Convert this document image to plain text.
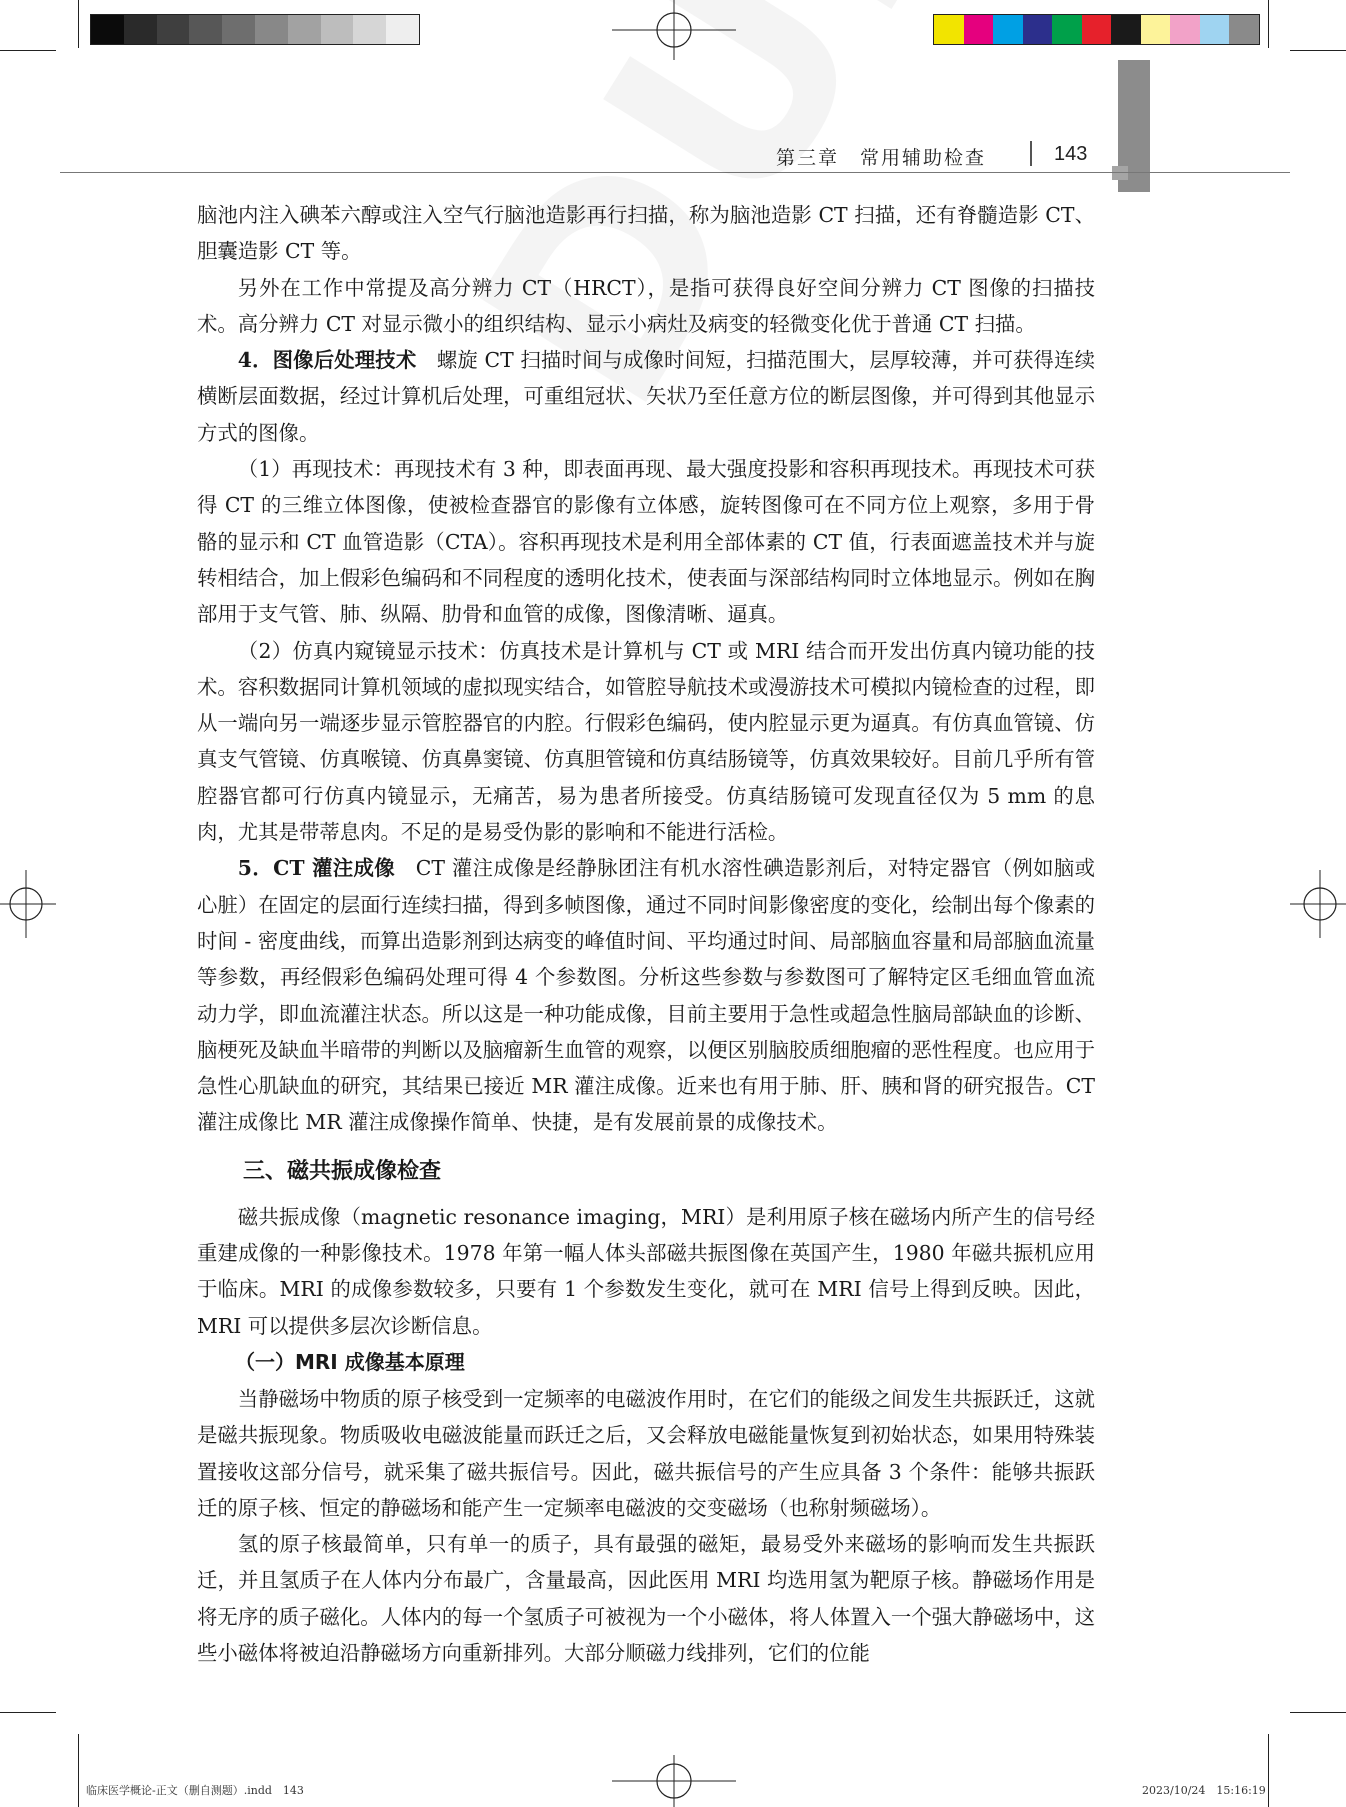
第三章　常用辅助检查	143

脑池内注入碘苯六醇或注入空气行脑池造影再行扫描，称为脑池造影 CT 扫描，还有脊髓造影 CT、胆囊造影 CT 等。

另外在工作中常提及高分辨力 CT（HRCT），是指可获得良好空间分辨力 CT 图像的扫描技术。高分辨力 CT 对显示微小的组织结构、显示小病灶及病变的轻微变化优于普通 CT 扫描。

4．图像后处理技术　 螺旋 CT 扫描时间与成像时间短，扫描范围大，层厚较薄，并可获得连续横断层面数据，经过计算机后处理，可重组冠状、矢状乃至任意方位的断层图像，并可得到其他显示方式的图像。

（1）再现技术：再现技术有 3 种，即表面再现、最大强度投影和容积再现技术。再现技术可获得 CT 的三维立体图像，使被检查器官的影像有立体感，旋转图像可在不同方位上观察，多用于骨骼的显示和 CT 血管造影（CTA）。容积再现技术是利用全部体素的 CT 值，行表面遮盖技术并与旋转相结合，加上假彩色编码和不同程度的透明化技术，使表面与深部结构同时立体地显示。例如在胸部用于支气管、肺、纵隔、肋骨和血管的成像，图像清晰、逼真。

（2）仿真内窥镜显示技术：仿真技术是计算机与 CT 或 MRI 结合而开发出仿真内镜功能的技术。容积数据同计算机领域的虚拟现实结合，如管腔导航技术或漫游技术可模拟内镜检查的过程，即从一端向另一端逐步显示管腔器官的内腔。行假彩色编码，使内腔显示更为逼真。有仿真血管镜、仿真支气管镜、仿真喉镜、仿真鼻窦镜、仿真胆管镜和仿真结肠镜等，仿真效果较好。目前几乎所有管腔器官都可行仿真内镜显示，无痛苦，易为患者所接受。仿真结肠镜可发现直径仅为 5 mm 的息肉，尤其是带蒂息肉。不足的是易受伪影的影响和不能进行活检。

5．CT 灌注成像　 CT 灌注成像是经静脉团注有机水溶性碘造影剂后，对特定器官（例如脑或心脏）在固定的层面行连续扫描，得到多帧图像，通过不同时间影像密度的变化，绘制出每个像素的时间 - 密度曲线，而算出造影剂到达病变的峰值时间、平均通过时间、局部脑血容量和局部脑血流量等参数，再经假彩色编码处理可得 4 个参数图。分析这些参数与参数图可了解特定区毛细血管血流动力学，即血流灌注状态。所以这是一种功能成像，目前主要用于急性或超急性脑局部缺血的诊断、脑梗死及缺血半暗带的判断以及脑瘤新生血管的观察，以便区别脑胶质细胞瘤的恶性程度。也应用于急性心肌缺血的研究，其结果已接近 MR 灌注成像。近来也有用于肺、肝、胰和肾的研究报告。CT 灌注成像比 MR 灌注成像操作简单、快捷，是有发展前景的成像技术。

三、磁共振成像检查

磁共振成像（magnetic resonance imaging，MRI）是利用原子核在磁场内所产生的信号经重建成像的一种影像技术。1978 年第一幅人体头部磁共振图像在英国产生，1980 年磁共振机应用于临床。MRI 的成像参数较多，只要有 1 个参数发生变化，就可在 MRI 信号上得到反映。因此，MRI 可以提供多层次诊断信息。

（一）MRI 成像基本原理

当静磁场中物质的原子核受到一定频率的电磁波作用时，在它们的能级之间发生共振跃迁，这就是磁共振现象。物质吸收电磁波能量而跃迁之后，又会释放电磁能量恢复到初始状态，如果用特殊装置接收这部分信号，就采集了磁共振信号。因此，磁共振信号的产生应具备 3 个条件：能够共振跃迁的原子核、恒定的静磁场和能产生一定频率电磁波的交变磁场（也称射频磁场）。

氢的原子核最简单，只有单一的质子，具有最强的磁矩，最易受外来磁场的影响而发生共振跃迁，并且氢质子在人体内分布最广，含量最高，因此医用 MRI 均选用氢为靶原子核。静磁场作用是将无序的质子磁化。人体内的每一个氢质子可被视为一个小磁体，将人体置入一个强大静磁场中，这些小磁体将被迫沿静磁场方向重新排列。大部分顺磁力线排列，它们的位能

临床医学概论-正文（删自测题）.indd　143	2023/10/24　15:16:19
